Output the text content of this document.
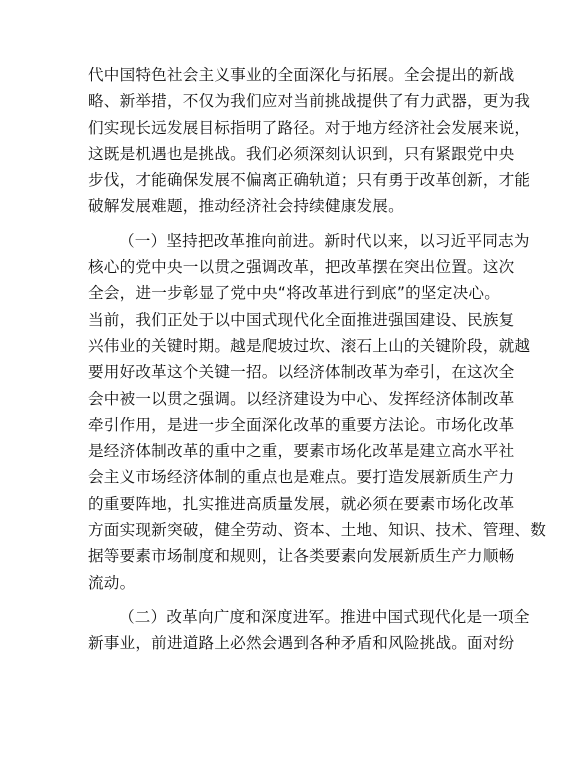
代中国特色社会主义事业的全面深化与拓展。全会提出的新战
略、新举措，不仅为我们应对当前挑战提供了有力武器，更为我
们实现长远发展目标指明了路径。对于地方经济社会发展来说，
这既是机遇也是挑战。我们必须深刻认识到，只有紧跟党中央
步伐，才能确保发展不偏离正确轨道；只有勇于改革创新，才能
破解发展难题，推动经济社会持续健康发展。
（一）坚持把改革推向前进。新时代以来，以习近平同志为
核心的党中央一以贯之强调改革，把改革摆在突出位置。这次
全会，进一步彰显了党中央“将改革进行到底”的坚定决心。
当前，我们正处于以中国式现代化全面推进强国建设、民族复
兴伟业的关键时期。越是爬坡过坎、滚石上山的关键阶段，就越
要用好改革这个关键一招。以经济体制改革为牵引，在这次全
会中被一以贯之强调。以经济建设为中心、发挥经济体制改革
牵引作用，是进一步全面深化改革的重要方法论。市场化改革
是经济体制改革的重中之重，要素市场化改革是建立高水平社
会主义市场经济体制的重点也是难点。要打造发展新质生产力
的重要阵地，扎实推进高质量发展，就必须在要素市场化改革
方面实现新突破，健全劳动、资本、土地、知识、技术、管理、数
据等要素市场制度和规则，让各类要素向发展新质生产力顺畅
流动。
（二）改革向广度和深度进军。推进中国式现代化是一项全
新事业，前进道路上必然会遇到各种矛盾和风险挑战。面对纷
